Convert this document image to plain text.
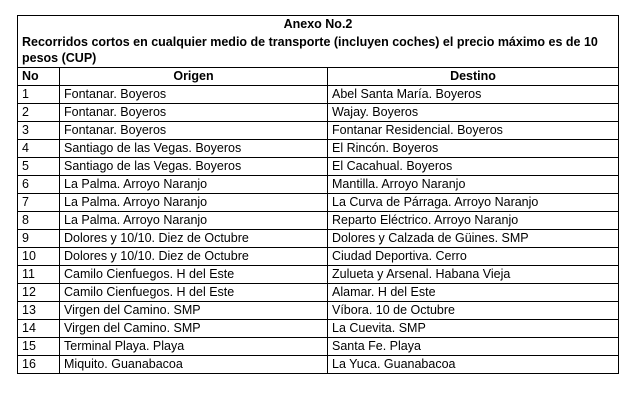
Anexo No.2		
Recorridos cortos en cualquier medio de transporte (incluyen coches) el precio máximo es de 10 pesos (CUP)		
No	Origen	Destino
1	Fontanar. Boyeros	Abel Santa María. Boyeros
2	Fontanar. Boyeros	Wajay. Boyeros
3	Fontanar. Boyeros	Fontanar Residencial. Boyeros
4	Santiago de las Vegas. Boyeros	El Rincón. Boyeros
5	Santiago de las Vegas. Boyeros	El Cacahual. Boyeros
6	La Palma. Arroyo Naranjo	Mantilla. Arroyo Naranjo
7	La Palma. Arroyo Naranjo	La Curva de Párraga. Arroyo Naranjo
8	La Palma. Arroyo Naranjo	Reparto Eléctrico. Arroyo Naranjo
9	Dolores y 10/10. Diez de Octubre	Dolores y Calzada de Güines. SMP
10	Dolores y 10/10. Diez de Octubre	Ciudad Deportiva. Cerro
11	Camilo Cienfuegos. H del Este	Zulueta y Arsenal. Habana Vieja
12	Camilo Cienfuegos. H del Este	Alamar. H del Este
13	Virgen del Camino. SMP	Víbora. 10 de Octubre
14	Virgen del Camino. SMP	La Cuevita. SMP
15	Terminal Playa. Playa	Santa Fe. Playa
16	Miquito. Guanabacoa	La Yuca. Guanabacoa
